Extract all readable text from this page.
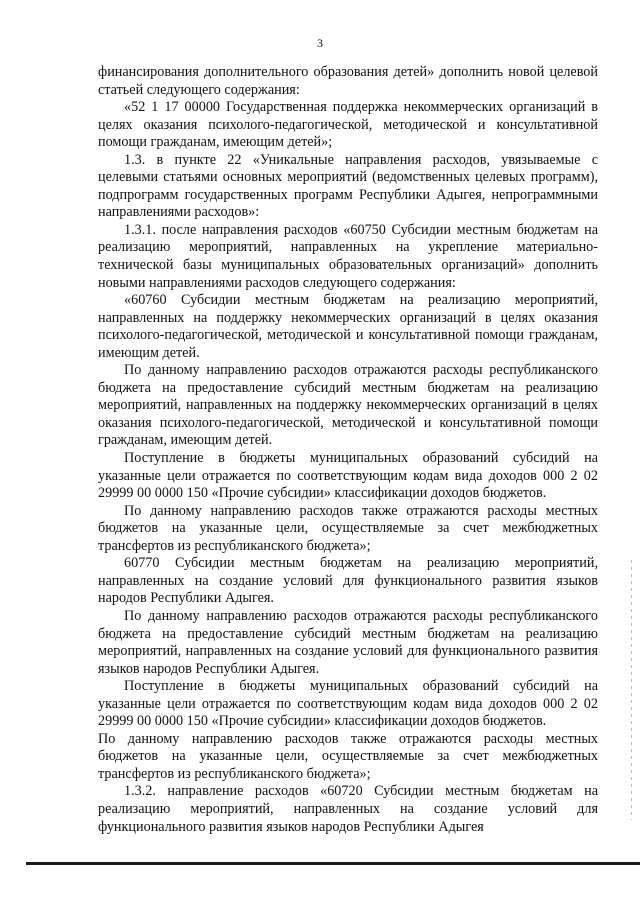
3

финансирования дополнительного образования детей» дополнить новой целевой статьей следующего содержания:

«52 1 17 00000 Государственная поддержка некоммерческих организаций в целях оказания психолого-педагогической, методической и консультативной помощи гражданам, имеющим детей»;

1.3. в пункте 22 «Уникальные направления расходов, увязываемые с целевыми статьями основных мероприятий (ведомственных целевых программ), подпрограмм государственных программ Республики Адыгея, непрограммными направлениями расходов»:

1.3.1. после направления расходов «60750 Субсидии местным бюджетам на реализацию мероприятий, направленных на укрепление материально-технической базы муниципальных образовательных организаций» дополнить новыми направлениями расходов следующего содержания:

«60760 Субсидии местным бюджетам на реализацию мероприятий, направленных на поддержку некоммерческих организаций в целях оказания психолого-педагогической, методической и консультативной помощи гражданам, имеющим детей.

По данному направлению расходов отражаются расходы республиканского бюджета на предоставление субсидий местным бюджетам на реализацию мероприятий, направленных на поддержку некоммерческих организаций в целях оказания психолого-педагогической, методической и консультативной помощи гражданам, имеющим детей.

Поступление в бюджеты муниципальных образований субсидий на указанные цели отражается по соответствующим кодам вида доходов 000 2 02 29999 00 0000 150 «Прочие субсидии» классификации доходов бюджетов.

По данному направлению расходов также отражаются расходы местных бюджетов на указанные цели, осуществляемые за счет межбюджетных трансфертов из республиканского бюджета»;

60770 Субсидии местным бюджетам на реализацию мероприятий, направленных на создание условий для функционального развития языков народов Республики Адыгея.

По данному направлению расходов отражаются расходы республиканского бюджета на предоставление субсидий местным бюджетам на реализацию мероприятий, направленных на создание условий для функционального развития языков народов Республики Адыгея.

Поступление в бюджеты муниципальных образований субсидий на указанные цели отражается по соответствующим кодам вида доходов 000 2 02 29999 00 0000 150 «Прочие субсидии» классификации доходов бюджетов.

По данному направлению расходов также отражаются расходы местных бюджетов на указанные цели, осуществляемые за счет межбюджетных трансфертов из республиканского бюджета»;

1.3.2. направление расходов «60720 Субсидии местным бюджетам на реализацию мероприятий, направленных на создание условий для функционального развития языков народов Республики Адыгея
